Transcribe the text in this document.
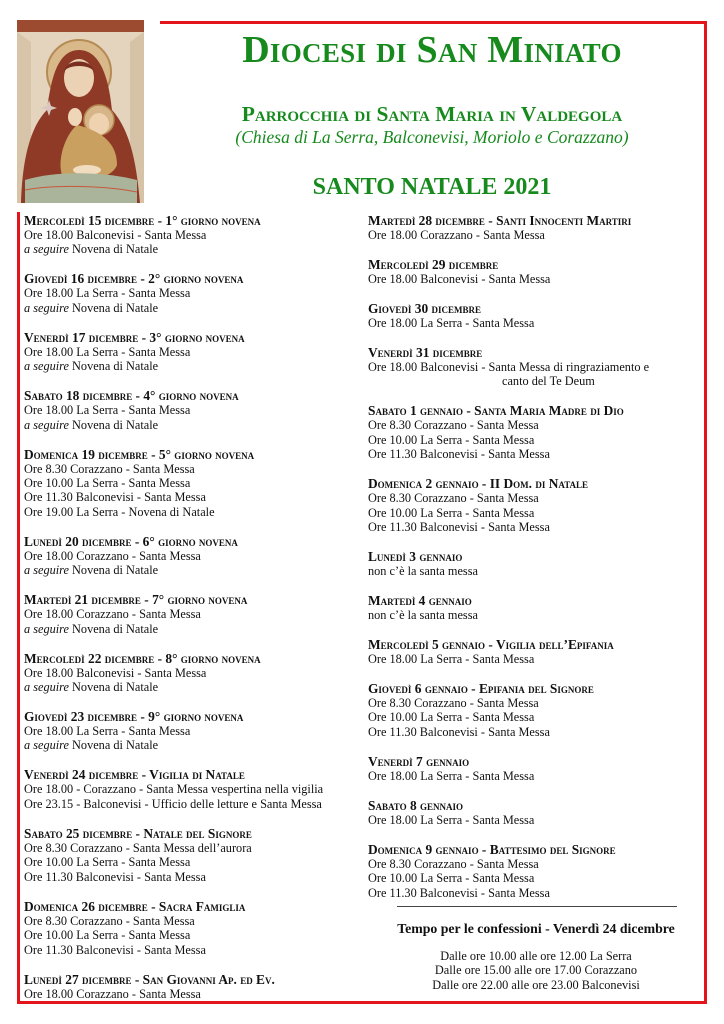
Diocesi di San Miniato
Parrocchia di Santa Maria in Valdegola
(Chiesa di La Serra, Balconevisi, Moriolo e Corazzano)
SANTO NATALE 2021
Mercoledì 15 dicembre - 1° giorno novena
Ore 18.00 Balconevisi - Santa Messa
a seguire Novena di Natale
Giovedì 16 dicembre - 2° giorno novena
Ore 18.00 La Serra - Santa Messa
a seguire Novena di Natale
Venerdì 17 dicembre - 3° giorno novena
Ore 18.00 La Serra - Santa Messa
a seguire Novena di Natale
Sabato 18 dicembre - 4° giorno novena
Ore 18.00 La Serra - Santa Messa
a seguire Novena di Natale
Domenica 19 dicembre - 5° giorno novena
Ore 8.30 Corazzano - Santa Messa
Ore 10.00 La Serra - Santa Messa
Ore 11.30 Balconevisi - Santa Messa
Ore 19.00 La Serra - Novena di Natale
Lunedì 20 dicembre - 6° giorno novena
Ore 18.00 Corazzano - Santa Messa
a seguire Novena di Natale
Martedì 21 dicembre - 7° giorno novena
Ore 18.00 Corazzano - Santa Messa
a seguire Novena di Natale
Mercoledì 22 dicembre - 8° giorno novena
Ore 18.00 Balconevisi - Santa Messa
a seguire Novena di Natale
Giovedì 23 dicembre - 9° giorno novena
Ore 18.00 La Serra - Santa Messa
a seguire Novena di Natale
Venerdì 24 dicembre - Vigilia di Natale
Ore 18.00 - Corazzano - Santa Messa vespertina nella vigilia
Ore 23.15 - Balconevisi - Ufficio delle letture e Santa Messa
Sabato 25 dicembre - Natale del Signore
Ore 8.30 Corazzano - Santa Messa dell’aurora
Ore 10.00 La Serra - Santa Messa
Ore 11.30 Balconevisi - Santa Messa
Domenica 26 dicembre - Sacra Famiglia
Ore 8.30 Corazzano - Santa Messa
Ore 10.00 La Serra - Santa Messa
Ore 11.30 Balconevisi - Santa Messa
Lunedì 27 dicembre - San Giovanni Ap. ed Ev.
Ore 18.00 Corazzano - Santa Messa
Martedì 28 dicembre - Santi Innocenti Martiri
Ore 18.00 Corazzano - Santa Messa
Mercoledì 29 dicembre
Ore 18.00 Balconevisi - Santa Messa
Giovedì 30 dicembre
Ore 18.00 La Serra - Santa Messa
Venerdì 31 dicembre
Ore 18.00 Balconevisi - Santa Messa di ringraziamento e
canto del Te Deum
Sabato 1 gennaio - Santa Maria Madre di Dio
Ore 8.30 Corazzano - Santa Messa
Ore 10.00 La Serra - Santa Messa
Ore 11.30 Balconevisi - Santa Messa
Domenica 2 gennaio - II Dom. di Natale
Ore 8.30 Corazzano - Santa Messa
Ore 10.00 La Serra - Santa Messa
Ore 11.30 Balconevisi - Santa Messa
Lunedì 3 gennaio
non c’è la santa messa
Martedì 4 gennaio
non c’è la santa messa
Mercoledì 5 gennaio - Vigilia dell’Epifania
Ore 18.00 La Serra - Santa Messa
Giovedì 6 gennaio - Epifania del Signore
Ore 8.30 Corazzano - Santa Messa
Ore 10.00 La Serra - Santa Messa
Ore 11.30 Balconevisi - Santa Messa
Venerdì 7 gennaio
Ore 18.00 La Serra - Santa Messa
Sabato 8 gennaio
Ore 18.00 La Serra - Santa Messa
Domenica 9 gennaio - Battesimo del Signore
Ore 8.30 Corazzano - Santa Messa
Ore 10.00 La Serra - Santa Messa
Ore 11.30 Balconevisi - Santa Messa
Tempo per le confessioni - Venerdì 24 dicembre
Dalle ore 10.00 alle ore 12.00 La Serra
Dalle ore 15.00 alle ore 17.00 Corazzano
Dalle ore 22.00 alle ore 23.00 Balconevisi
